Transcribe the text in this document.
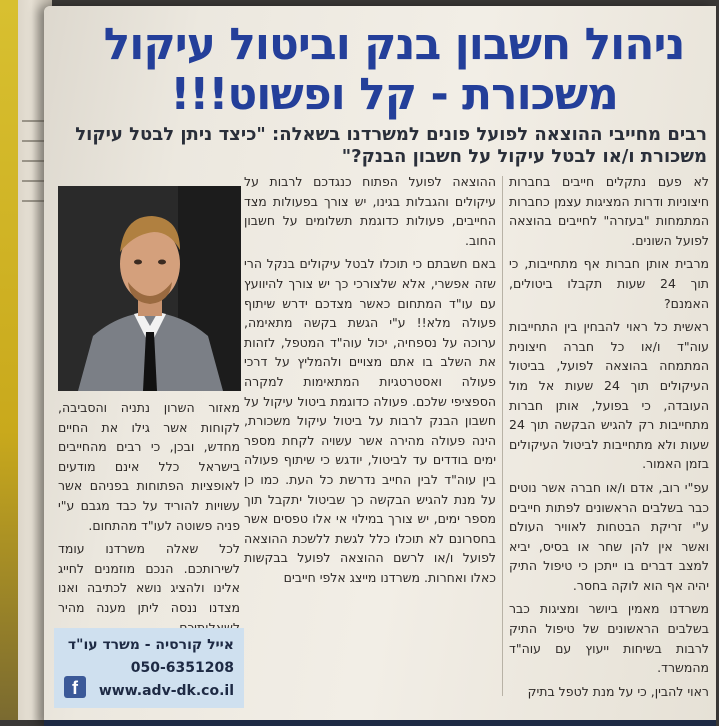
ניהול חשבון בנק וביטול עיקול
משכורת - קל ופשוט!!!
רבים מחייבי ההוצאה לפועל פונים למשרדנו בשאלה: "כיצד ניתן לבטל עיקול משכורת ו/או לבטל עיקול על חשבון הבנק?"

לא פעם נתקלים חייבים בחברות חיצוניות ודרות המציגות עצמן כחברות המתמחות "בעזרה" לחייבים בהוצאה לפועל השונים.

מרבית אותן חברות אף מתחייבות, כי תוך 24 שעות תקבלו ביטולים, האמנם?

ראשית כל ראוי להבחין בין התחייבות עוה"ד ו/או כל חברה חיצונית המתמחה בהוצאה לפועל, בביטול העיקולים תוך 24 שעות אל מול העובדה, כי בפועל, אותן חברות מתחייבות רק להגיש הבקשה תוך 24 שעות ולא מתחייבות לביטול העיקולים בזמן האמור.

עפ"י רוב, אדם ו/או חברה אשר נוטים כבר בשלבים הראשונים לפתות חייבים ע"י זריקת הבטחות לאוויר העולם ואשר אין להן שחר או בסיס, יביא למצב דברים בו ייתכן כי טיפול התיק יהיה אף הוא לוקה בחסר.

משרדנו מאמין ביושר ומציגות כבר בשלבים הראשונים של טיפול התיק לרבות בשיחות ייעוץ עם עוה"ד מהמשרד.

ראוי להבין, כי על מנת לטפל בתיק

ההוצאה לפועל הפתוח כנגדכם לרבות על עיקולים והגבלות בגינו, יש צורך בפעולות מצד החייבים, פעולות כדוגמת תשלומים על חשבון החוב.

באם חשבתם כי תוכלו לבטל עיקולים בנקל הרי שזה אפשרי, אלא שלצורכי כך יש צורך להיוועץ עם עו"ד המתחום כאשר מצדכם ידרש שיתוף פעולה מלא!! ע"י הגשת בקשה מתאימה, ערוכה על נספחיה, יכול עוה"ד המטפל, לזהות את השלב בו אתם מצויים ולהמליץ על דרכי פעולה ואסטרטגיות המתאימות למקרה הספציפי שלכם. פעולה כדוגמת ביטול עיקול על חשבון הבנק לרבות על ביטול עיקול משכורת, הינה פעולה מהירה אשר עשויה לקחת מספר ימים בודדים עד לביטול, יודגש כי שיתוף פעולה בין עוה"ד לבין החייב נדרשת כל העת. כמו כן על מנת להגיש הבקשה כך שביטול יתקבל תוך מספר ימים, יש צורך במילוי אי אלו טפסים אשר בחסרונם לא תוכלו כלל לגשת ללשכת ההוצאה לפועל ו/או לרשם ההוצאה לפועל בבקשות כאלו ואחרות. משרדנו מייצג אלפי חייבים

מאזור השרון נתניה והסביבה, לקוחות אשר גילו את החיים מחדש, ובכן, כי רבים מהחייבים בישראל כלל אינם מודעים לאופציות הפתוחות בפניהם אשר עשויות להוריד על כבד מגבם ע"י פניה פשוטה לעו"ד מהתחום.

לכל שאלה משרדנו עומד לשירותכם. הנכם מוזמנים לחייג אלינו ולהציג נושא לכתיבה ואנו מצדנו ננסה ליתן מענה מהיר

אייל קורסיה - משרד עו"ד
050-6351208
www.adv-dk.co.il
f
